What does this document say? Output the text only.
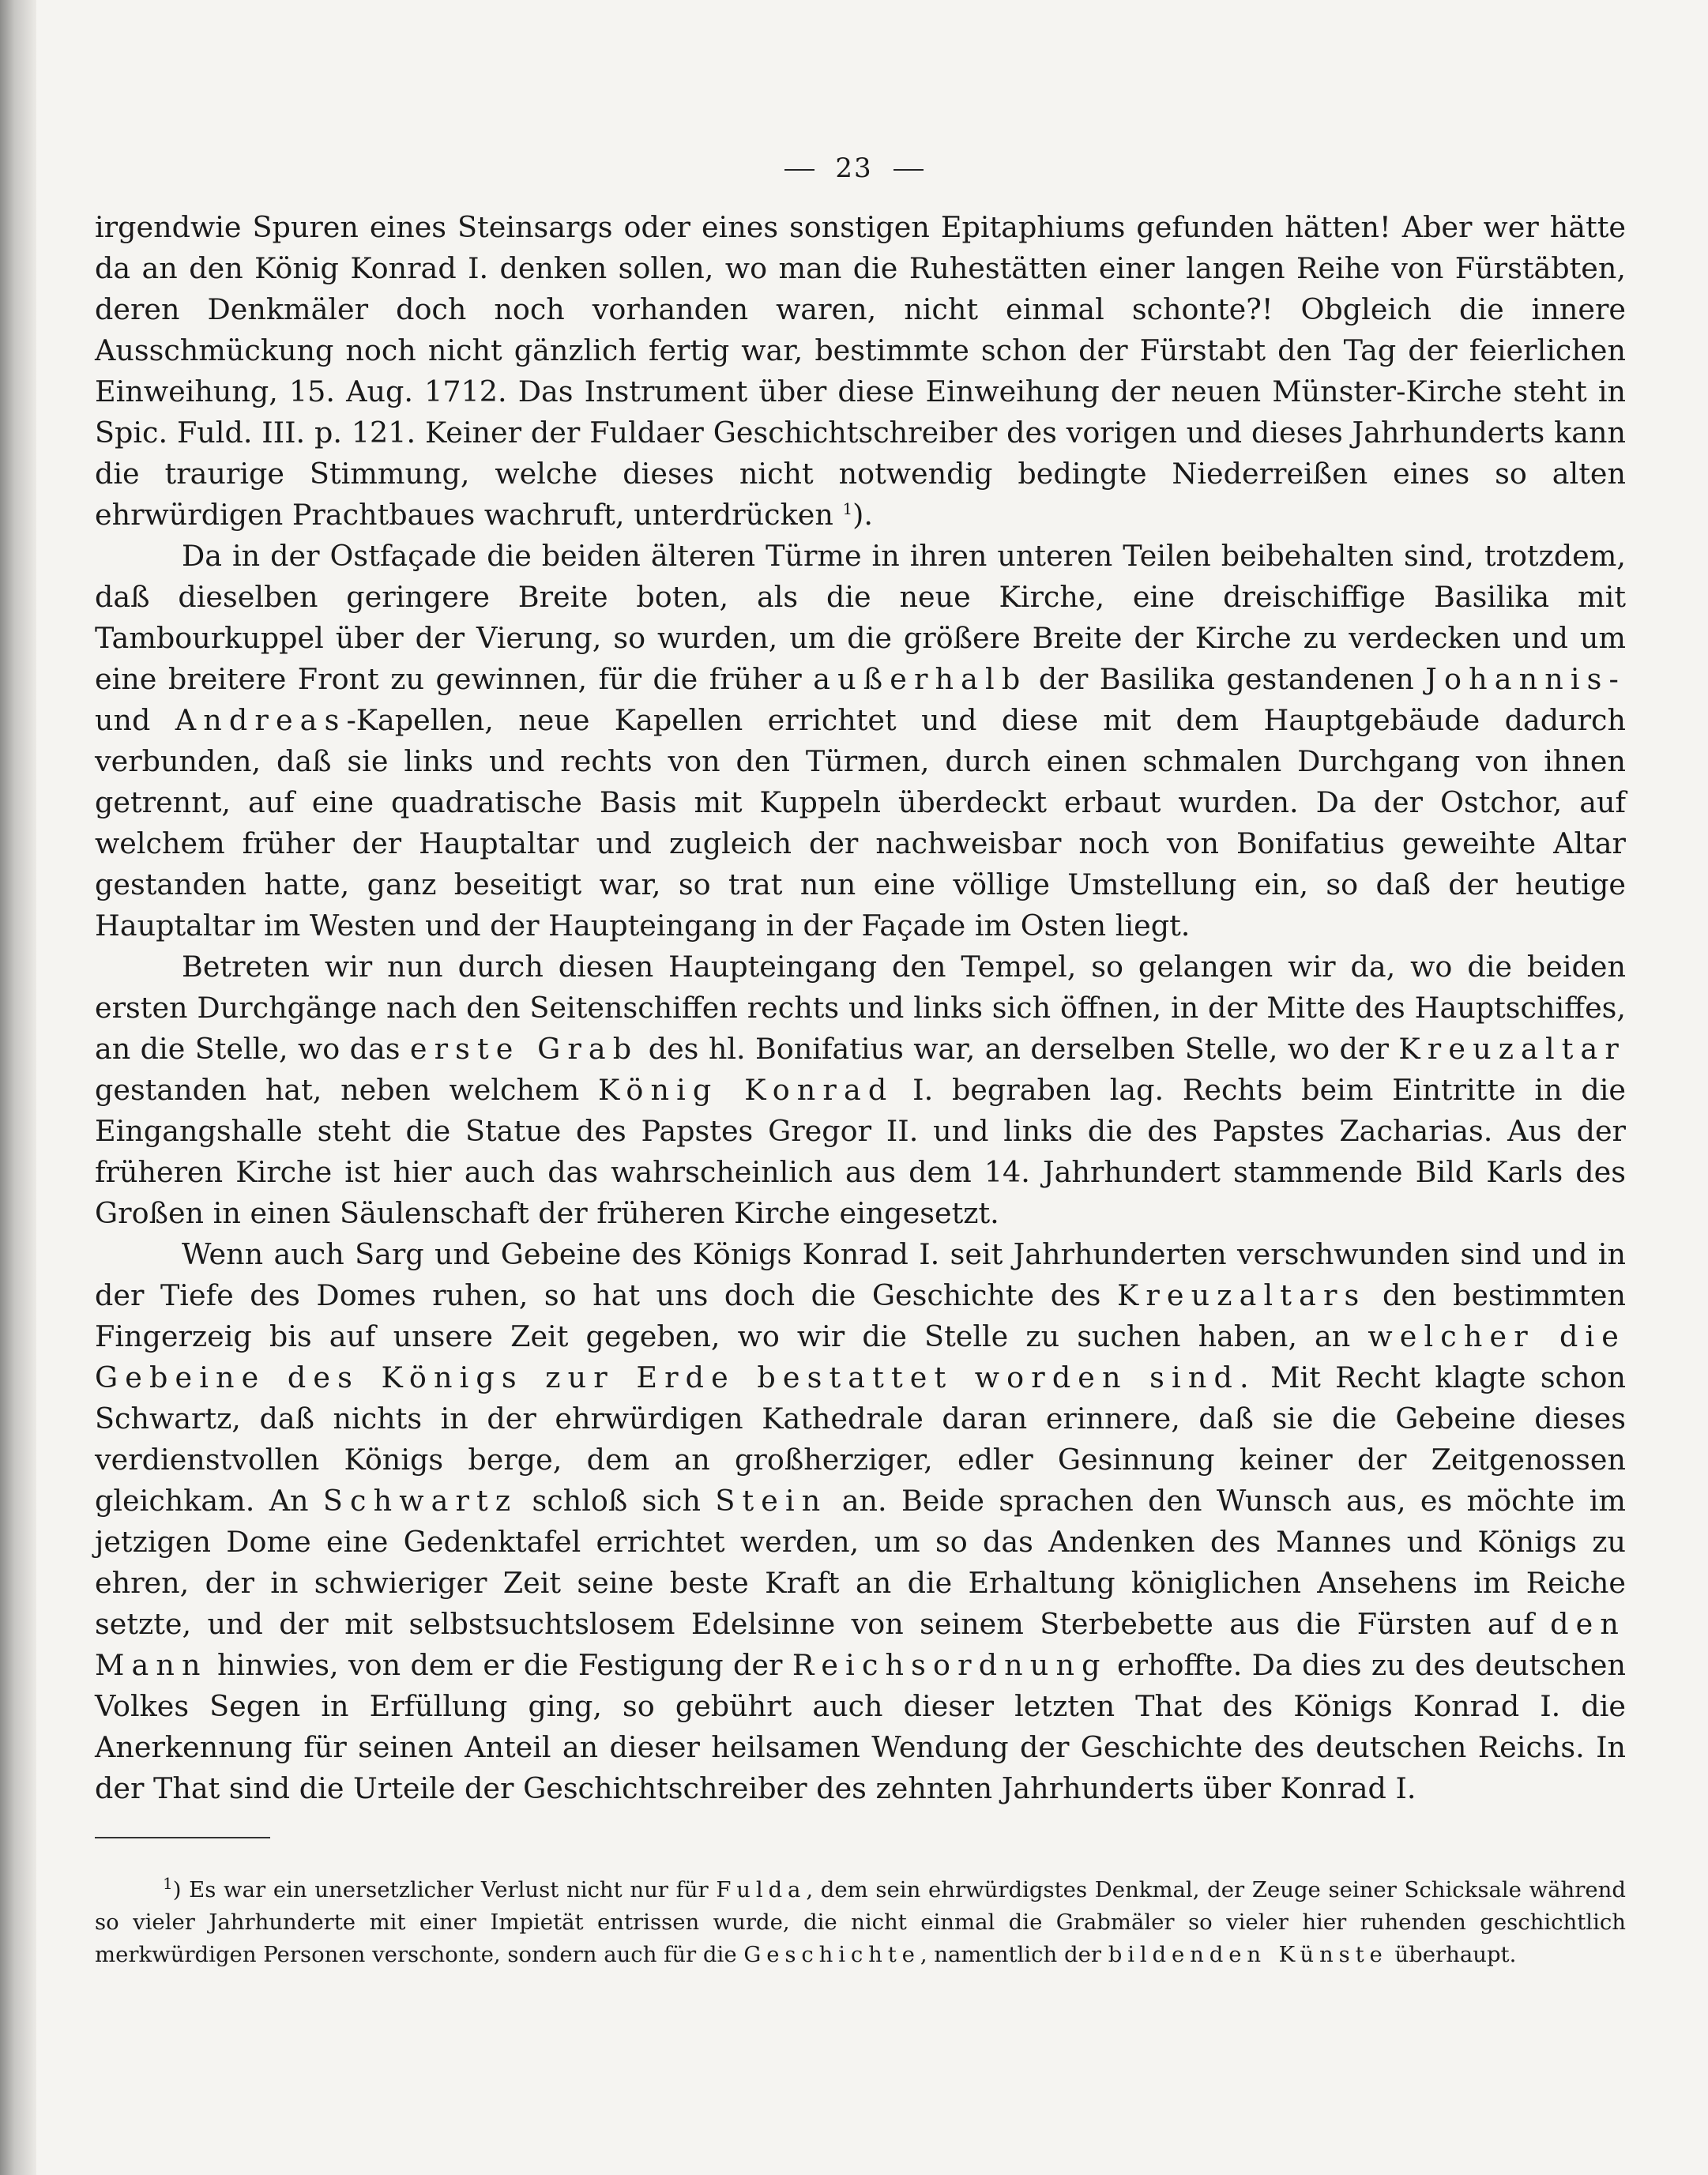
23

irgendwie Spuren eines Steinsargs oder eines sonstigen Epitaphiums gefunden hätten! Aber wer hätte da an den König Konrad I. denken sollen, wo man die Ruhestätten einer langen Reihe von Fürstäbten, deren Denkmäler doch noch vorhanden waren, nicht einmal schonte?! Obgleich die innere Ausschmückung noch nicht gänzlich fertig war, bestimmte schon der Fürstabt den Tag der feierlichen Einweihung, 15. Aug. 1712. Das Instrument über diese Einweihung der neuen Münster-Kirche steht in Spic. Fuld. III. p. 121. Keiner der Fuldaer Geschichtschreiber des vorigen und dieses Jahrhunderts kann die traurige Stimmung, welche dieses nicht notwendig bedingte Niederreißen eines so alten ehrwürdigen Prachtbaues wachruft, unterdrücken $^1$).

Da in der Ostfaçade die beiden älteren Türme in ihren unteren Teilen beibehalten sind, trotzdem, daß dieselben geringere Breite boten, als die neue Kirche, eine dreischiffige Basilika mit Tambourkuppel über der Vierung, so wurden, um die größere Breite der Kirche zu verdecken und um eine breitere Front zu gewinnen, für die früher außerhalb der Basilika gestandenen Johannis- und Andreas-Kapellen, neue Kapellen errichtet und diese mit dem Hauptgebäude dadurch verbunden, daß sie links und rechts von den Türmen, durch einen schmalen Durchgang von ihnen getrennt, auf eine quadratische Basis mit Kuppeln überdeckt erbaut wurden. Da der Ostchor, auf welchem früher der Hauptaltar und zugleich der nachweisbar noch von Bonifatius geweihte Altar gestanden hatte, ganz beseitigt war, so trat nun eine völlige Umstellung ein, so daß der heutige Hauptaltar im Westen und der Haupteingang in der Façade im Osten liegt.

Betreten wir nun durch diesen Haupteingang den Tempel, so gelangen wir da, wo die beiden ersten Durchgänge nach den Seitenschiffen rechts und links sich öffnen, in der Mitte des Hauptschiffes, an die Stelle, wo das erste Grab des hl. Bonifatius war, an derselben Stelle, wo der Kreuzaltar gestanden hat, neben welchem König Konrad I. begraben lag. Rechts beim Eintritte in die Eingangshalle steht die Statue des Papstes Gregor II. und links die des Papstes Zacharias. Aus der früheren Kirche ist hier auch das wahrscheinlich aus dem 14. Jahrhundert stammende Bild Karls des Großen in einen Säulenschaft der früheren Kirche eingesetzt.

Wenn auch Sarg und Gebeine des Königs Konrad I. seit Jahrhunderten verschwunden sind und in der Tiefe des Domes ruhen, so hat uns doch die Geschichte des Kreuzaltars den bestimmten Fingerzeig bis auf unsere Zeit gegeben, wo wir die Stelle zu suchen haben, an welcher die Gebeine des Königs zur Erde bestattet worden sind. Mit Recht klagte schon Schwartz, daß nichts in der ehrwürdigen Kathedrale daran erinnere, daß sie die Gebeine dieses verdienstvollen Königs berge, dem an großherziger, edler Gesinnung keiner der Zeitgenossen gleichkam. An Schwartz schloß sich Stein an. Beide sprachen den Wunsch aus, es möchte im jetzigen Dome eine Gedenktafel errichtet werden, um so das Andenken des Mannes und Königs zu ehren, der in schwieriger Zeit seine beste Kraft an die Erhaltung königlichen Ansehens im Reiche setzte, und der mit selbstsuchtslosem Edelsinne von seinem Sterbebette aus die Fürsten auf den Mann hinwies, von dem er die Festigung der Reichsordnung erhoffte. Da dies zu des deutschen Volkes Segen in Erfüllung ging, so gebührt auch dieser letzten That des Königs Konrad I. die Anerkennung für seinen Anteil an dieser heilsamen Wendung der Geschichte des deutschen Reichs. In der That sind die Urteile der Geschichtschreiber des zehnten Jahrhunderts über Konrad I.

$^1$) Es war ein unersetzlicher Verlust nicht nur für Fulda, dem sein ehrwürdigstes Denkmal, der Zeuge seiner Schicksale während so vieler Jahrhunderte mit einer Impietät entrissen wurde, die nicht einmal die Grabmäler so vieler hier ruhenden geschichtlich merkwürdigen Personen verschonte, sondern auch für die Geschichte, namentlich der bildenden Künste überhaupt.
